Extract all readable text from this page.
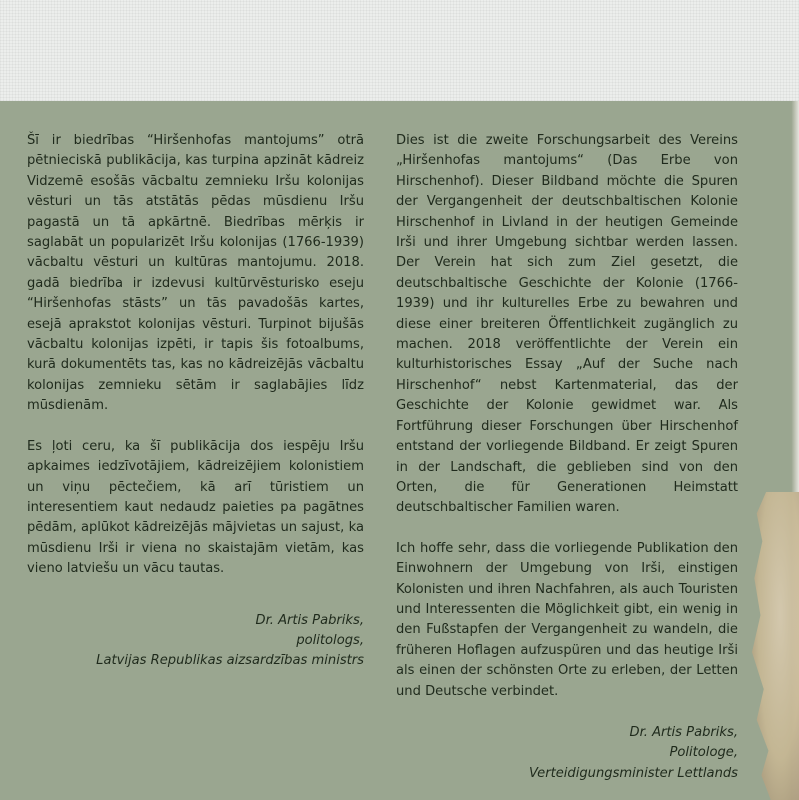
Šī ir biedrības “Hiršenhofas mantojums” otrā pētnieciskā publikācija, kas turpina apzināt kādreiz Vidzemē esošās vācbaltu zemnieku Iršu kolonijas vēsturi un tās atstātās pēdas mūsdienu Iršu pagastā un tā apkārtnē. Biedrības mērķis ir saglabāt un popularizēt Iršu kolonijas (1766-1939) vācbaltu vēsturi un kultūras mantojumu. 2018. gadā biedrība ir izdevusi kultūrvēsturisko eseju “Hiršenhofas stāsts” un tās pavadošās kartes, esejā aprakstot kolonijas vēsturi. Turpinot bijušās vācbaltu kolonijas izpēti, ir tapis šis fotoalbums, kurā dokumentēts tas, kas no kādreizējās vācbaltu kolonijas zemnieku sētām ir saglabājies līdz mūsdienām.

Es ļoti ceru, ka šī publikācija dos iespēju Iršu apkaimes iedzīvotājiem, kādreizējiem kolonistiem un viņu pēctečiem, kā arī tūristiem un interesentiem kaut nedaudz paieties pa pagātnes pēdām, aplūkot kādreizējās mājvietas un sajust, ka mūsdienu Irši ir viena no skaistajām vietām, kas vieno latviešu un vācu tautas.

Dr. Artis Pabriks,
politologs,
Latvijas Republikas aizsardzības ministrs

Dies ist die zweite Forschungsarbeit des Vereins „Hiršenhofas mantojums“ (Das Erbe von Hirschenhof). Dieser Bildband möchte die Spuren der Vergangenheit der deutschbaltischen Kolonie Hirschenhof in Livland in der heutigen Gemeinde Irši und ihrer Umgebung sichtbar werden lassen. Der Verein hat sich zum Ziel gesetzt, die deutschbaltische Geschichte der Kolonie (1766-1939) und ihr kulturelles Erbe zu bewahren und diese einer breiteren Öffentlichkeit zugänglich zu machen. 2018 veröffentlichte der Verein ein kulturhistorisches Essay „Auf der Suche nach Hirschenhof“ nebst Kartenmaterial, das der Geschichte der Kolonie gewidmet war. Als Fortführung dieser Forschungen über Hirschenhof entstand der vorliegende Bildband. Er zeigt Spuren in der Landschaft, die geblieben sind von den Orten, die für Generationen Heimstatt deutschbaltischer Familien waren.

Ich hoffe sehr, dass die vorliegende Publikation den Einwohnern der Umgebung von Irši, einstigen Kolonisten und ihren Nachfahren, als auch Touristen und Interessenten die Möglichkeit gibt, ein wenig in den Fußstapfen der Vergangenheit zu wandeln, die früheren Hoflagen aufzuspüren und das heutige Irši als einen der schönsten Orte zu erleben, der Letten und Deutsche verbindet.

Dr. Artis Pabriks,
Politologe,
Verteidigungsminister Lettlands
